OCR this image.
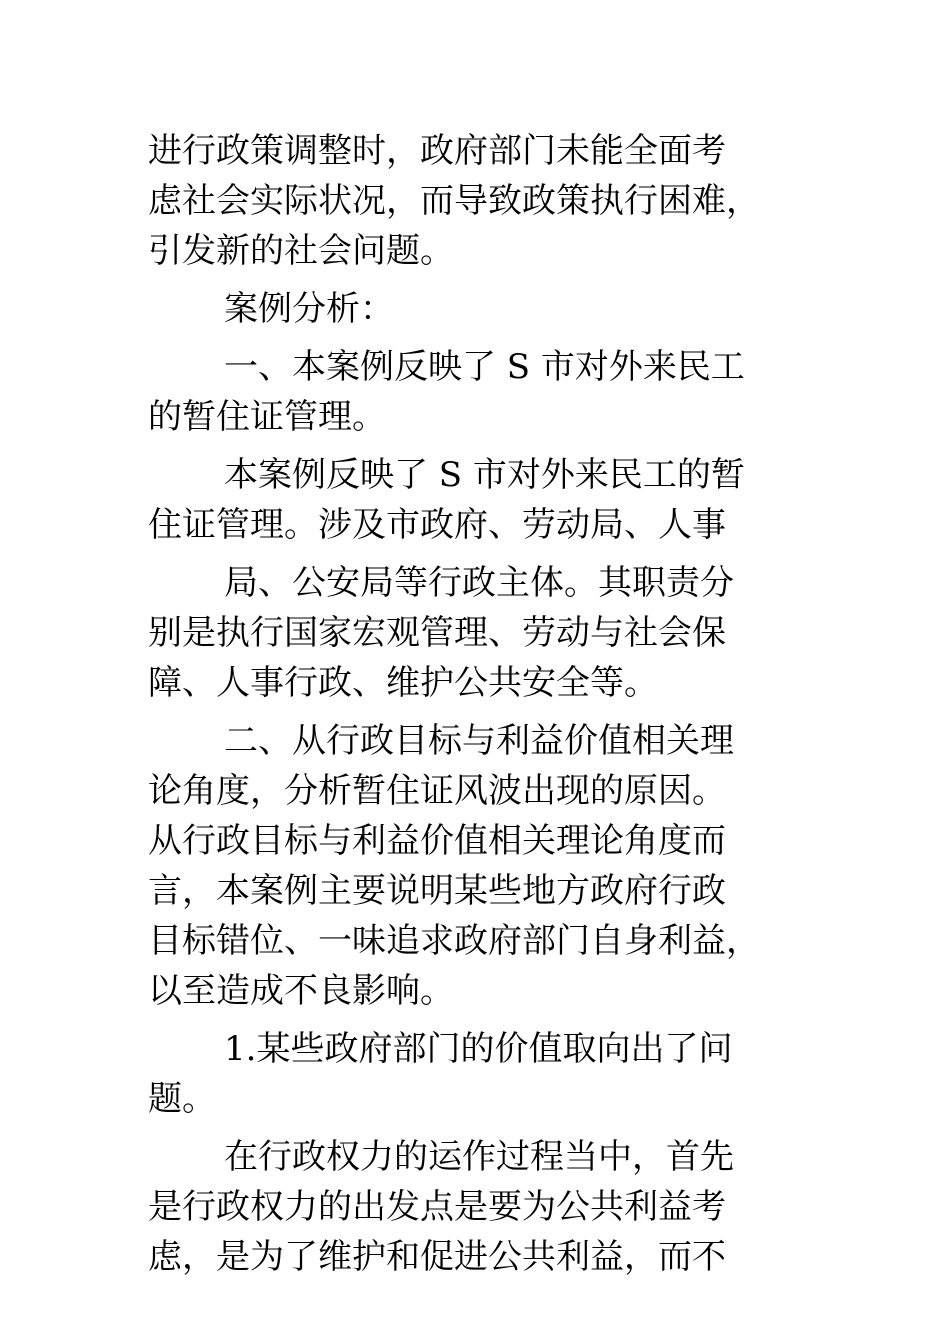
进行政策调整时，政府部门未能全面考
虑社会实际状况，而导致政策执行困难，
引发新的社会问题。
案例分析：
一、本案例反映了 S 市对外来民工
的暂住证管理。
本案例反映了 S 市对外来民工的暂
住证管理。涉及市政府、劳动局、人事
局、公安局等行政主体。其职责分
别是执行国家宏观管理、劳动与社会保
障、人事行政、维护公共安全等。
二、从行政目标与利益价值相关理
论角度，分析暂住证风波出现的原因。
从行政目标与利益价值相关理论角度而
言，本案例主要说明某些地方政府行政
目标错位、一味追求政府部门自身利益，
以至造成不良影响。
1.某些政府部门的价值取向出了问
题。
在行政权力的运作过程当中，首先
是行政权力的出发点是要为公共利益考
虑，是为了维护和促进公共利益，而不
